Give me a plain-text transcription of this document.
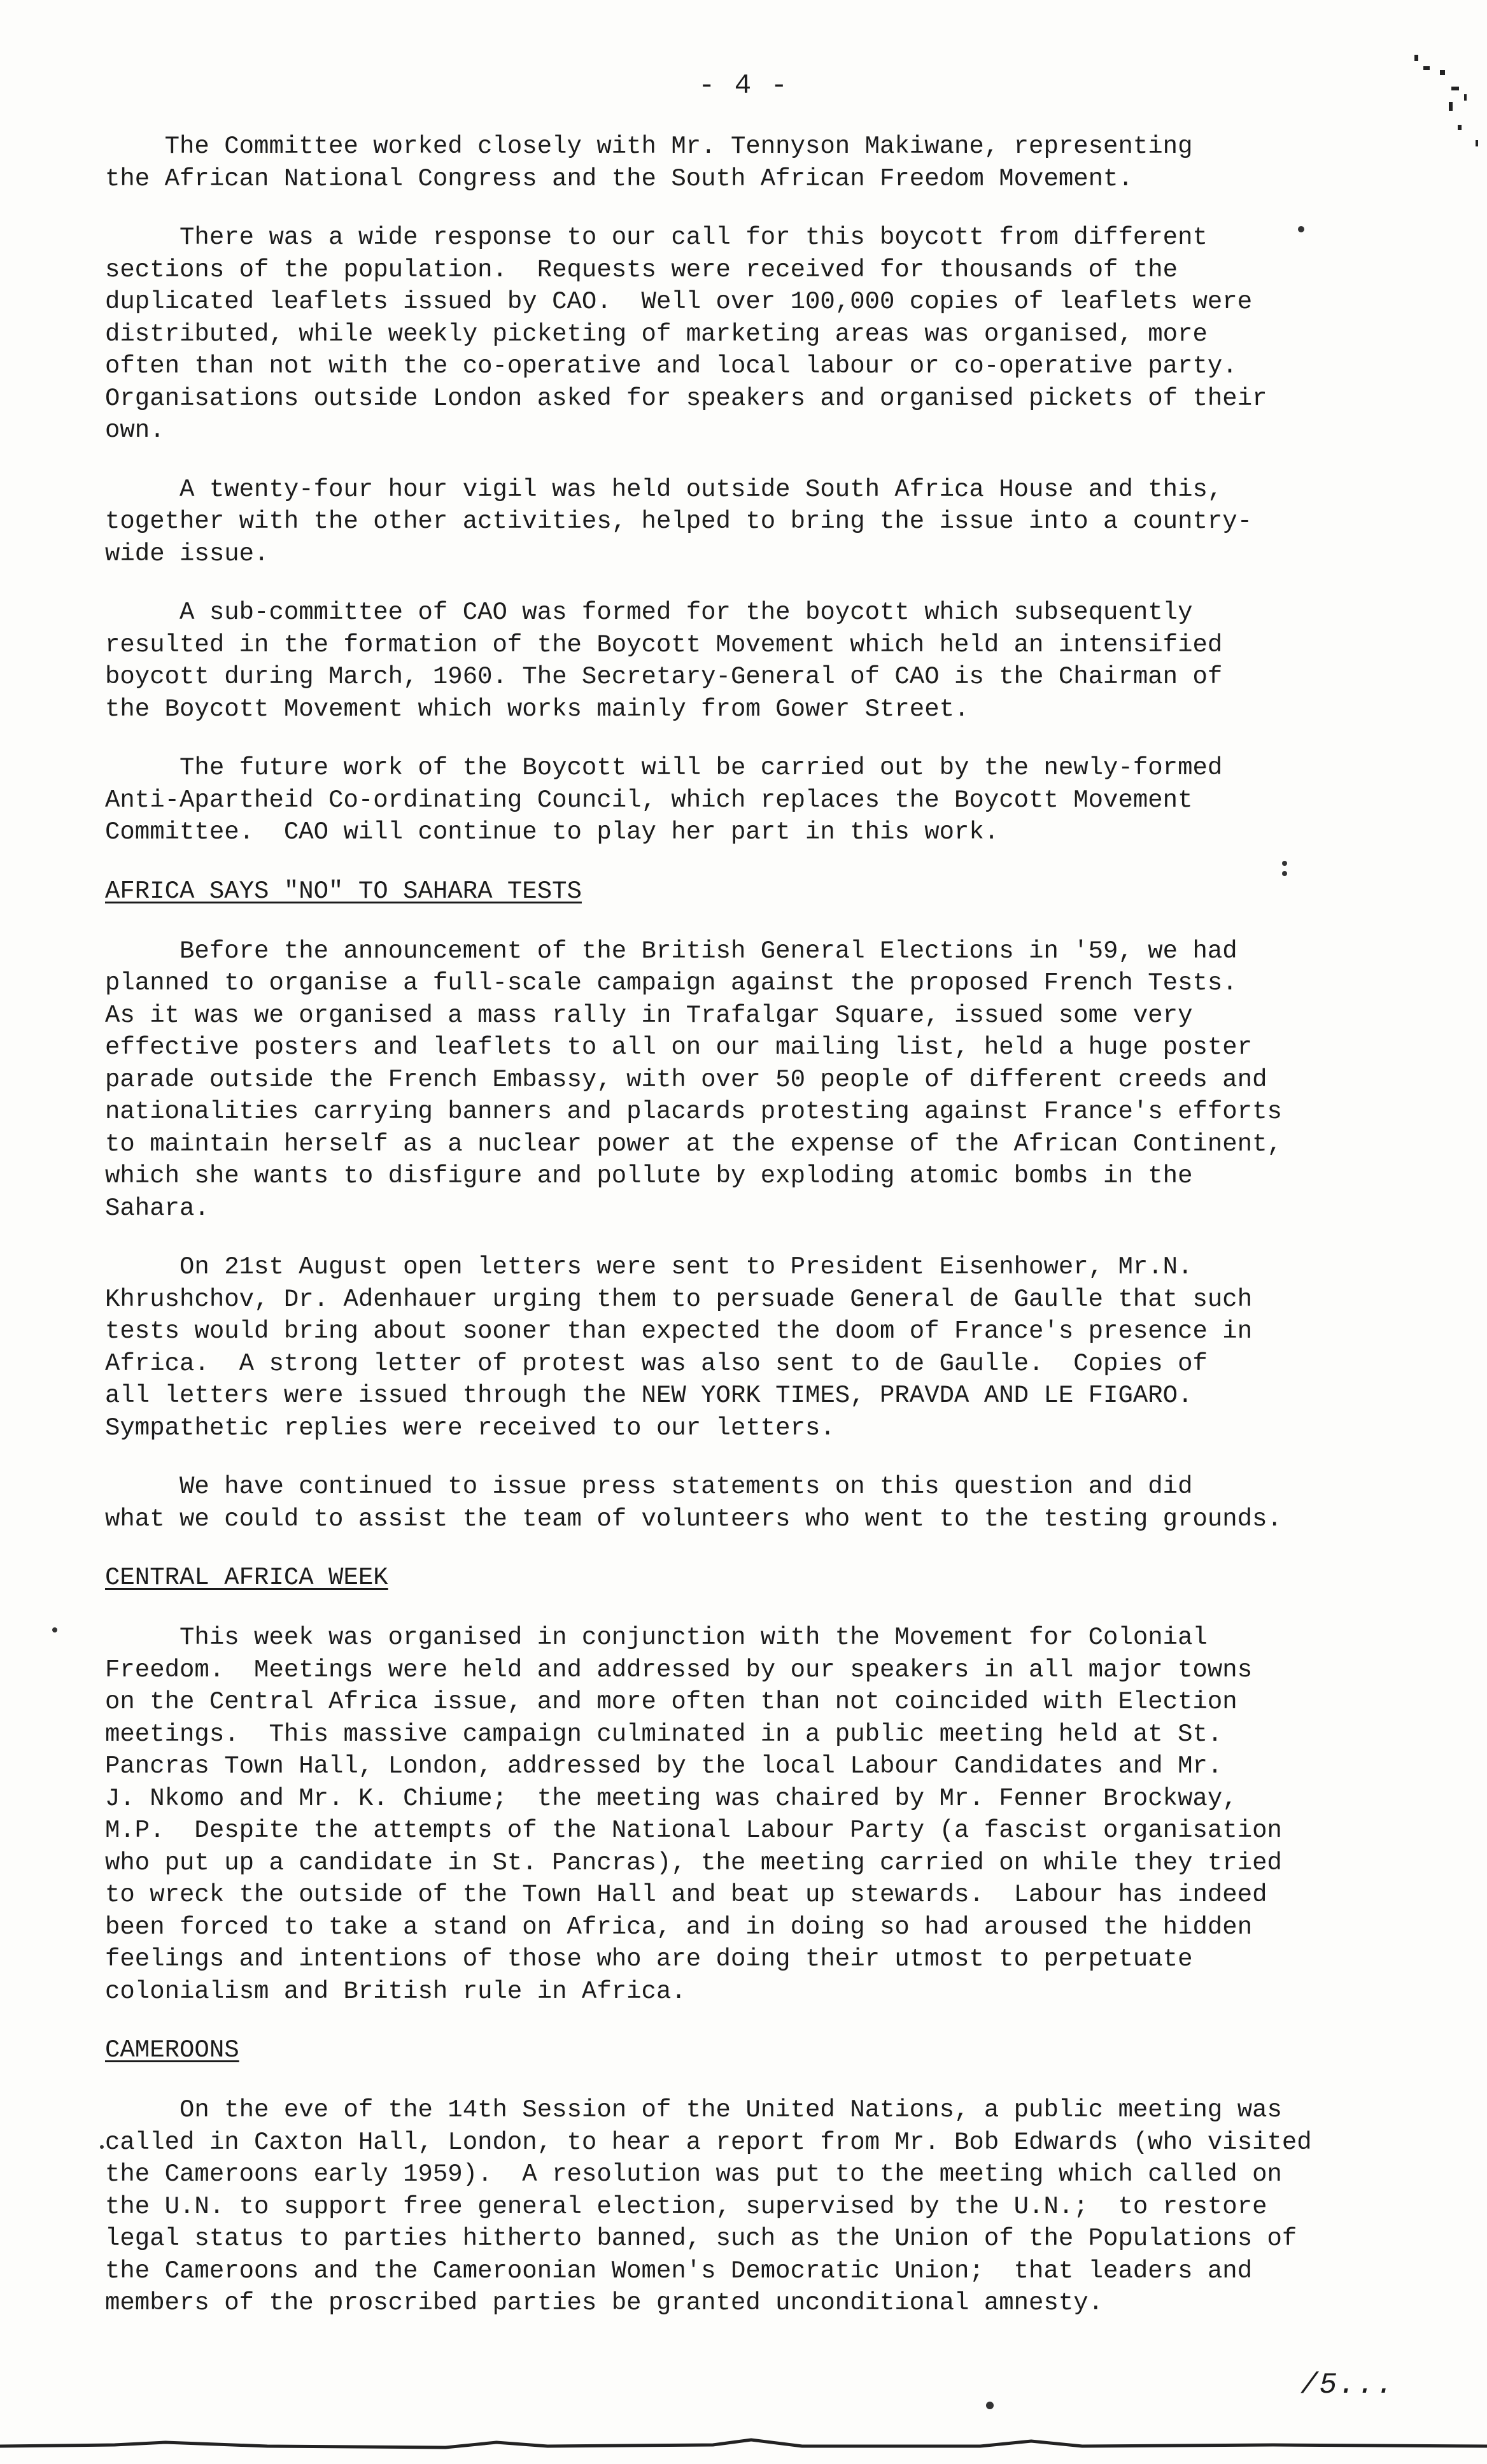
- 4 -

The Committee worked closely with Mr. Tennyson Makiwane, representing
the African National Congress and the South African Freedom Movement.

There was a wide response to our call for this boycott from different
sections of the population.  Requests were received for thousands of the
duplicated leaflets issued by CAO.  Well over 100,000 copies of leaflets were
distributed, while weekly picketing of marketing areas was organised, more
often than not with the co-operative and local labour or co-operative party.
Organisations outside London asked for speakers and organised pickets of their
own.

A twenty-four hour vigil was held outside South Africa House and this,
together with the other activities, helped to bring the issue into a country-
wide issue.

A sub-committee of CAO was formed for the boycott which subsequently
resulted in the formation of the Boycott Movement which held an intensified
boycott during March, 1960. The Secretary-General of CAO is the Chairman of
the Boycott Movement which works mainly from Gower Street.

The future work of the Boycott will be carried out by the newly-formed
Anti-Apartheid Co-ordinating Council, which replaces the Boycott Movement
Committee.  CAO will continue to play her part in this work.

AFRICA SAYS "NO" TO SAHARA TESTS

Before the announcement of the British General Elections in '59, we had
planned to organise a full-scale campaign against the proposed French Tests.
As it was we organised a mass rally in Trafalgar Square, issued some very
effective posters and leaflets to all on our mailing list, held a huge poster
parade outside the French Embassy, with over 50 people of different creeds and
nationalities carrying banners and placards protesting against France's efforts
to maintain herself as a nuclear power at the expense of the African Continent,
which she wants to disfigure and pollute by exploding atomic bombs in the
Sahara.

On 21st August open letters were sent to President Eisenhower, Mr.N.
Khrushchov, Dr. Adenhauer urging them to persuade General de Gaulle that such
tests would bring about sooner than expected the doom of France's presence in
Africa.  A strong letter of protest was also sent to de Gaulle.  Copies of
all letters were issued through the NEW YORK TIMES, PRAVDA AND LE FIGARO.
Sympathetic replies were received to our letters.

We have continued to issue press statements on this question and did
what we could to assist the team of volunteers who went to the testing grounds.

CENTRAL AFRICA WEEK

This week was organised in conjunction with the Movement for Colonial
Freedom.  Meetings were held and addressed by our speakers in all major towns
on the Central Africa issue, and more often than not coincided with Election
meetings.  This massive campaign culminated in a public meeting held at St.
Pancras Town Hall, London, addressed by the local Labour Candidates and Mr.
J. Nkomo and Mr. K. Chiume;  the meeting was chaired by Mr. Fenner Brockway,
M.P.  Despite the attempts of the National Labour Party (a fascist organisation
who put up a candidate in St. Pancras), the meeting carried on while they tried
to wreck the outside of the Town Hall and beat up stewards.  Labour has indeed
been forced to take a stand on Africa, and in doing so had aroused the hidden
feelings and intentions of those who are doing their utmost to perpetuate
colonialism and British rule in Africa.

CAMEROONS

On the eve of the 14th Session of the United Nations, a public meeting was
called in Caxton Hall, London, to hear a report from Mr. Bob Edwards (who visited
the Cameroons early 1959).  A resolution was put to the meeting which called on
the U.N. to support free general election, supervised by the U.N.;  to restore
legal status to parties hitherto banned, such as the Union of the Populations of
the Cameroons and the Cameroonian Women's Democratic Union;  that leaders and
members of the proscribed parties be granted unconditional amnesty.

/5...
